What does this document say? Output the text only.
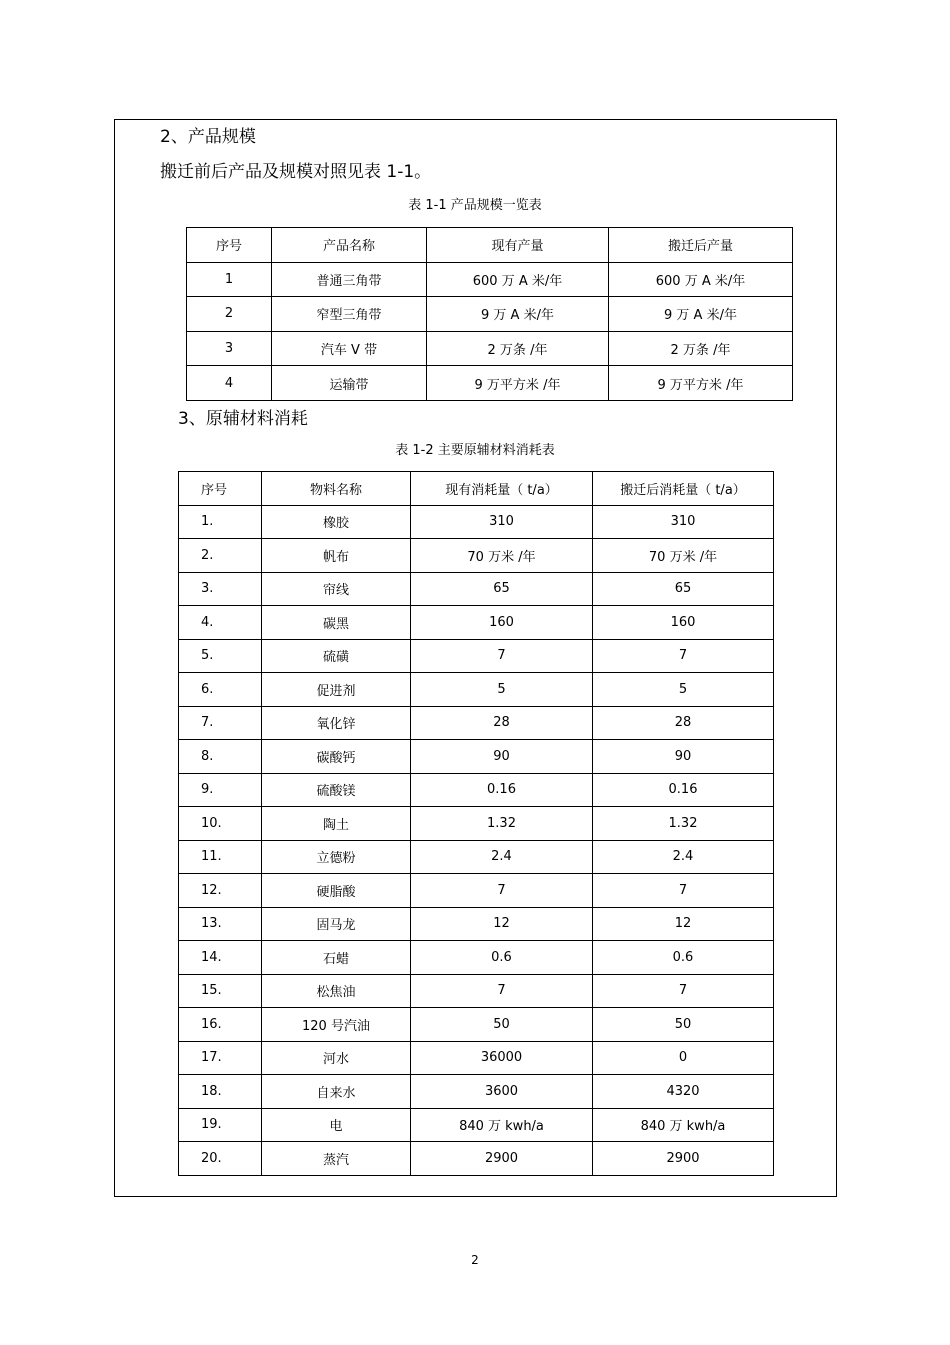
2、产品规模
搬迁前后产品及规模对照见表 1-1。
表 1-1 产品规模一览表
序号	产品名称	现有产量	搬迁后产量
1	普通三角带	600 万 A 米/年	600 万 A 米/年
2	窄型三角带	9 万 A 米/年	9 万 A 米/年
3	汽车 V 带	2 万条 /年	2 万条 /年
4	运输带	9 万平方米 /年	9 万平方米 /年
3、原辅材料消耗
表 1-2 主要原辅材料消耗表
序号	物料名称	现有消耗量（ t/a）	搬迁后消耗量（ t/a）
1.	橡胶	310	310
2.	帆布	70 万米 /年	70 万米 /年
3.	帘线	65	65
4.	碳黑	160	160
5.	硫磺	7	7
6.	促进剂	5	5
7.	氧化锌	28	28
8.	碳酸钙	90	90
9.	硫酸镁	0.16	0.16
10.	陶土	1.32	1.32
11.	立德粉	2.4	2.4
12.	硬脂酸	7	7
13.	固马龙	12	12
14.	石蜡	0.6	0.6
15.	松焦油	7	7
16.	120 号汽油	50	50
17.	河水	36000	0
18.	自来水	3600	4320
19.	电	840 万 kwh/a	840 万 kwh/a
20.	蒸汽	2900	2900
2
